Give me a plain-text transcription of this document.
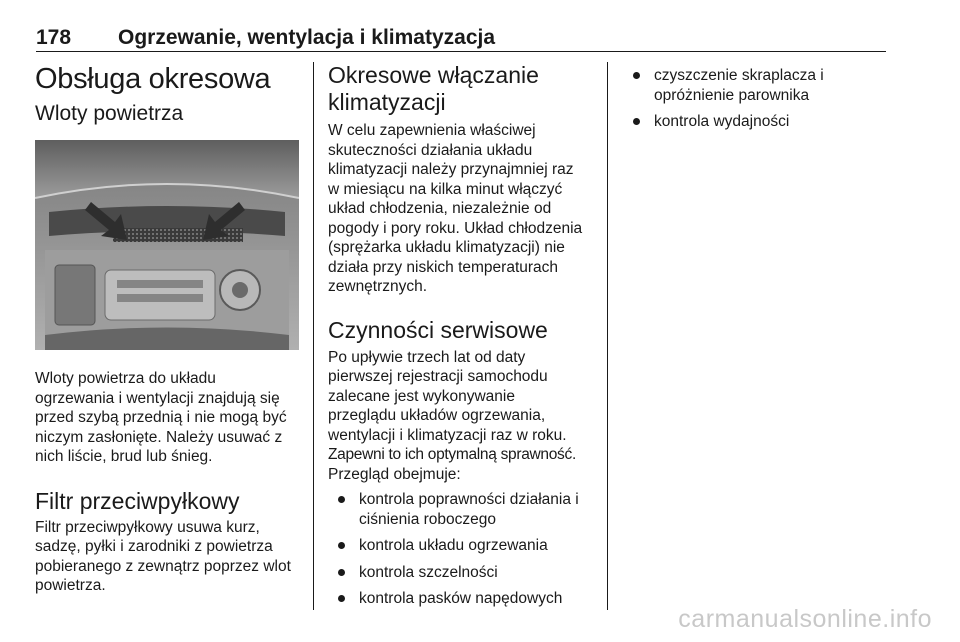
178 Ogrzewanie, wentylacja i klimatyzacja
Obsługa okresowa
Wloty powietrza

Wloty powietrza do układu

ogrzewania i wentylacji znajdują się

przed szybą przednią i nie mogą być

niczym zasłonięte. Należy usuwać z

nich liście, brud lub śnieg.

Filtr przeciwpyłkowy

Filtr przeciwpyłkowy usuwa kurz,

sadzę, pyłki i zarodniki z powietrza

pobieranego z zewnątrz poprzez wlot

powietrza.

Okresowe włączanie
klimatyzacji

W celu zapewnienia właściwej

skuteczności działania układu

klimatyzacji należy przynajmniej raz

w miesiącu na kilka minut włączyć

układ chłodzenia, niezależnie od

pogody i pory roku. Układ chłodzenia

(sprężarka układu klimatyzacji) nie

działa przy niskich temperaturach

zewnętrznych.

Czynności serwisowe

Po upływie trzech lat od daty

pierwszej rejestracji samochodu

zalecane jest wykonywanie

przeglądu układów ogrzewania,

wentylacji i klimatyzacji raz w roku.

Zapewni to ich optymalną sprawność.

Przegląd obejmuje:

kontrola poprawności działania i
ciśnienia roboczego
kontrola układu ogrzewania
kontrola szczelności
kontrola pasków napędowych
czyszczenie skraplacza i
opróżnienie parownika
kontrola wydajności
carmanualsonline.info
